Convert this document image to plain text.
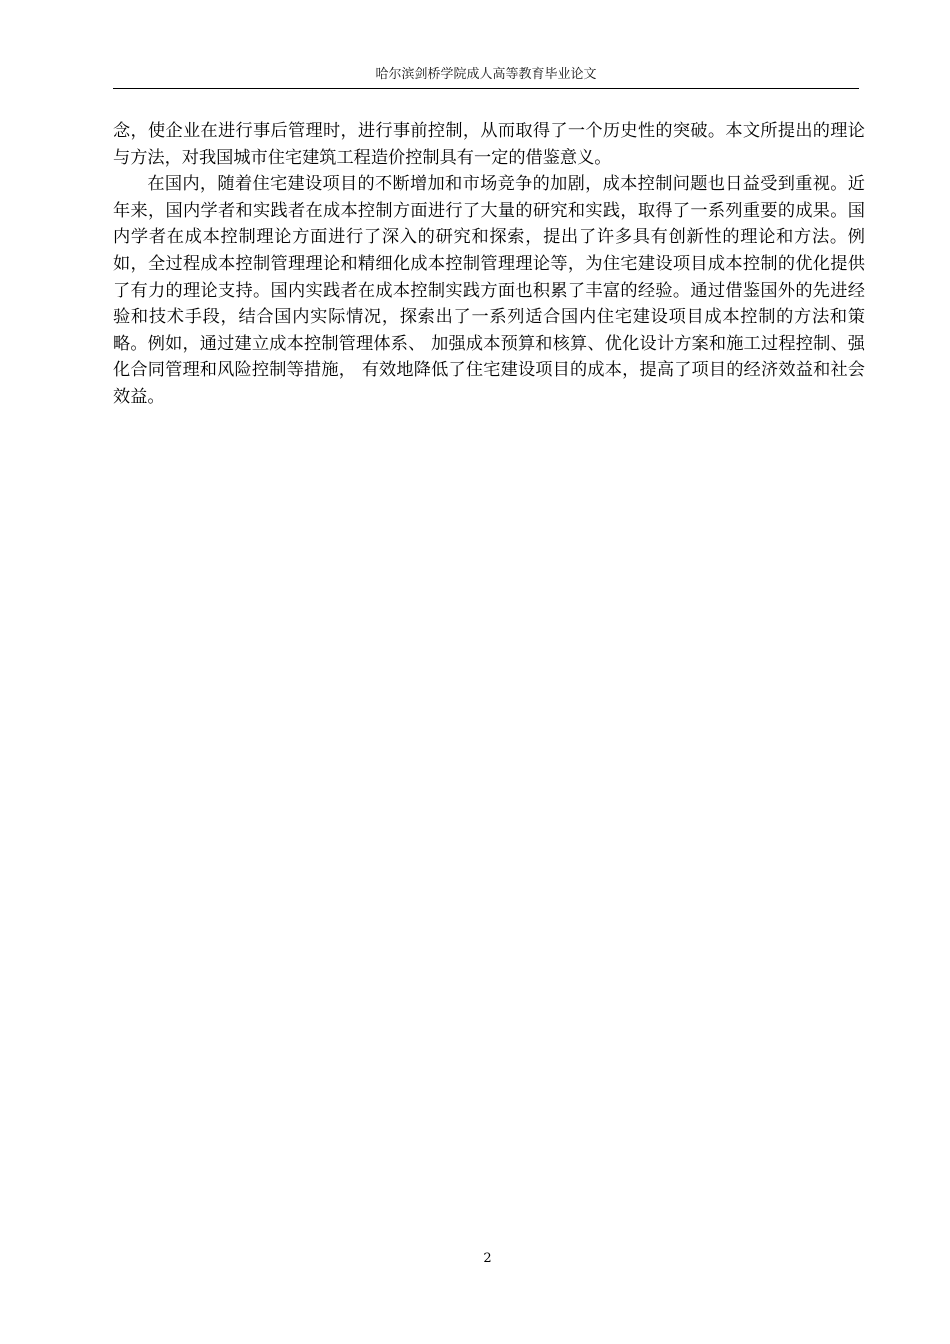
哈尔滨剑桥学院成人高等教育毕业论文

念，使企业在进行事后管理时，进行事前控制，从而取得了一个历史性的突破。本文所提出的理论与方法，对我国城市住宅建筑工程造价控制具有一定的借鉴意义。

在国内，随着住宅建设项目的不断增加和市场竞争的加剧，成本控制问题也日益受到重视。近年来，国内学者和实践者在成本控制方面进行了大量的研究和实践，取得了一系列重要的成果。国内学者在成本控制理论方面进行了深入的研究和探索，提出了许多具有创新性的理论和方法。例如，全过程成本控制管理理论和精细化成本控制管理理论等，为住宅建设项目成本控制的优化提供了有力的理论支持。国内实践者在成本控制实践方面也积累了丰富的经验。通过借鉴国外的先进经验和技术手段，结合国内实际情况，探索出了一系列适合国内住宅建设项目成本控制的方法和策略。例如，通过建立成本控制管理体系、 加强成本预算和核算、优化设计方案和施工过程控制、强化合同管理和风险控制等措施， 有效地降低了住宅建设项目的成本，提高了项目的经济效益和社会效益。

2
